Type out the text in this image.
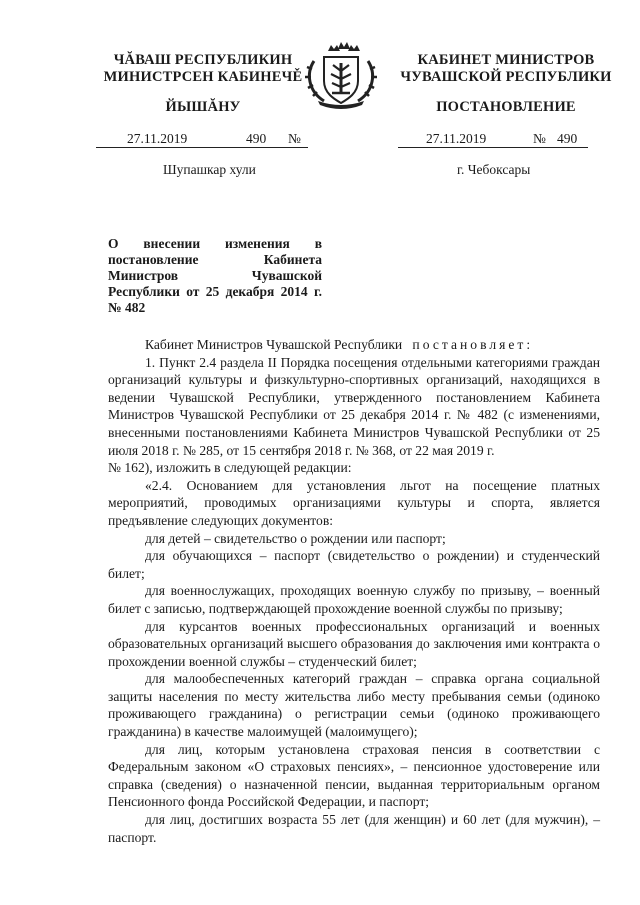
ЧĂВАШ РЕСПУБЛИКИН
МИНИСТРСЕН КАБИНЕЧĚ
ЙЫШĂНУ
КАБИНЕТ МИНИСТРОВ
ЧУВАШСКОЙ РЕСПУБЛИКИ
ПОСТАНОВЛЕНИЕ
27.11.2019	490 №	27.11.2019	№ 490
Шупашкар хули	г. Чебоксары
О внесении изменения в постановление Кабинета Министров Чувашской Республики от 25 декабря 2014 г. № 482

Кабинет Министров Чувашской Республики постановляет:

1. Пункт 2.4 раздела II Порядка посещения отдельными категориями граждан организаций культуры и физкультурно-спортивных организаций, находящихся в ведении Чувашской Республики, утвержденного постановлением Кабинета Министров Чувашской Республики от 25 декабря 2014 г. № 482 (с изменениями, внесенными постановлениями Кабинета Министров Чувашской Республики от 25 июля 2018 г. № 285, от 15 сентября 2018 г. № 368, от 22 мая 2019 г.

№ 162), изложить в следующей редакции:

«2.4. Основанием для установления льгот на посещение платных мероприятий, проводимых организациями культуры и спорта, является предъявление следующих документов:

для детей – свидетельство о рождении или паспорт;

для обучающихся – паспорт (свидетельство о рождении) и студенческий билет;

для военнослужащих, проходящих военную службу по призыву, – военный билет с записью, подтверждающей прохождение военной службы по призыву;

для курсантов военных профессиональных организаций и военных образовательных организаций высшего образования до заключения ими контракта о прохождении военной службы – студенческий билет;

для малообеспеченных категорий граждан – справка органа социальной защиты населения по месту жительства либо месту пребывания семьи (одиноко проживающего гражданина) о регистрации семьи (одиноко проживающего гражданина) в качестве малоимущей (малоимущего);

для лиц, которым установлена страховая пенсия в соответствии с Федеральным законом «О страховых пенсиях», – пенсионное удостоверение или справка (сведения) о назначенной пенсии, выданная территориальным органом Пенсионного фонда Российской Федерации, и паспорт;

для лиц, достигших возраста 55 лет (для женщин) и 60 лет (для мужчин), – паспорт.
